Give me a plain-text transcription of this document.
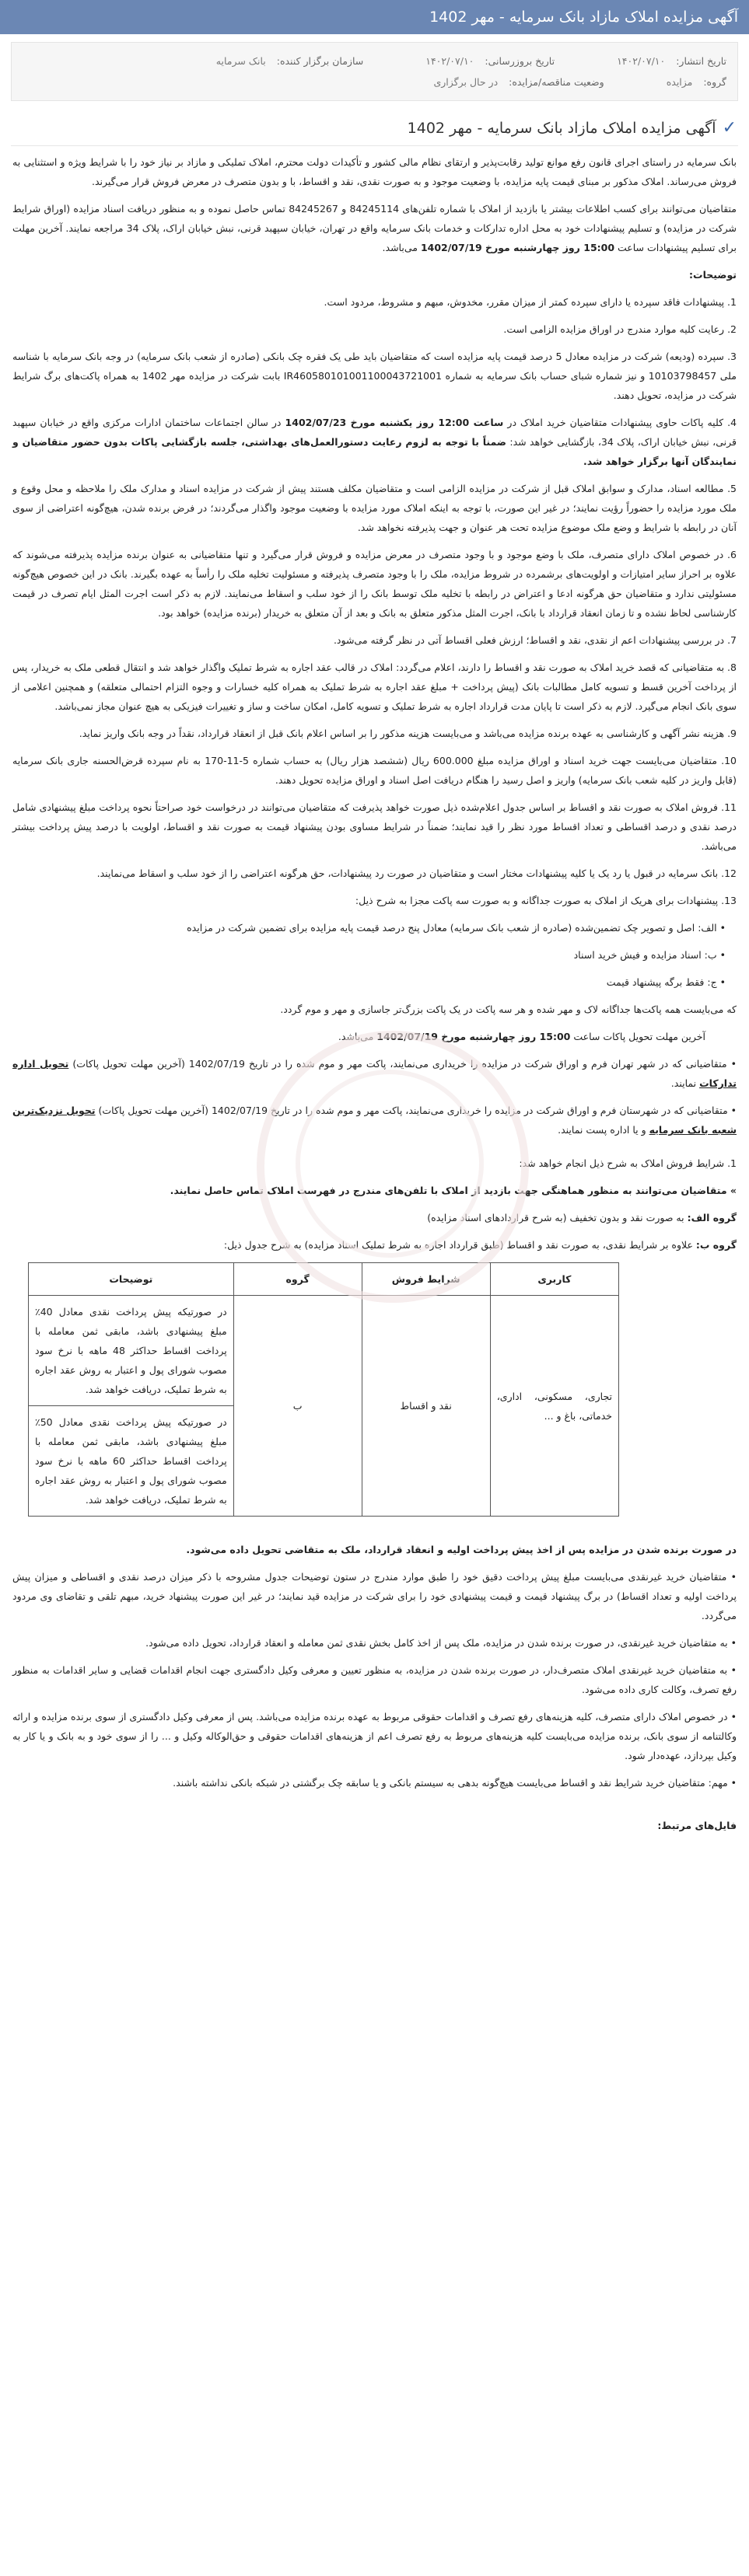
آگهی مزایده املاک مازاد بانک سرمایه - مهر 1402
تاریخ انتشار: ۱۴۰۲/۰۷/۱۰
تاریخ بروزرسانی: ۱۴۰۲/۰۷/۱۰
سازمان برگزار کننده: بانک سرمایه
گروه: مزایده
وضعیت مناقصه/مزایده: در حال برگزاری
✓
آگهی مزایده املاک مازاد بانک سرمایه - مهر 1402

بانک سرمایه در راستای اجرای قانون رفع موانع تولید رقابت‌پذیر و ارتقای نظام مالی کشور و تأکیدات دولت محترم، املاک تملیکی و مازاد بر نیاز خود را با شرایط ویژه و استثنایی به فروش می‌رساند. املاک مذکور بر مبنای قیمت پایه مزایده، با وضعیت موجود و به صورت نقدی، نقد و اقساط، با و بدون متصرف در معرض فروش قرار می‌گیرند.

متقاضیان می‌توانند برای کسب اطلاعات بیشتر یا بازدید از املاک با شماره تلفن‌های 84245114 و 84245267 تماس حاصل نموده و به منظور دریافت اسناد مزایده (اوراق شرایط شرکت در مزایده) و تسلیم پیشنهادات خود به محل اداره تدارکات و خدمات بانک سرمایه واقع در تهران، خیابان سپهبد قرنی، نبش خیابان اراک، پلاک 34 مراجعه نمایند. آخرین مهلت برای تسلیم پیشنهادات ساعت 15:00 روز چهارشنبه مورخ 1402/07/19 می‌باشد.

توضیحات:

1. پیشنهادات فاقد سپرده یا دارای سپرده کمتر از میزان مقرر، مخدوش، مبهم و مشروط، مردود است.

2. رعایت کلیه موارد مندرج در اوراق مزایده الزامی است.

3. سپرده (ودیعه) شرکت در مزایده معادل 5 درصد قیمت پایه مزایده است که متقاضیان باید طی یک فقره چک بانکی (صادره از شعب بانک سرمایه) در وجه بانک سرمایه با شناسه ملی 10103798457 و نیز شماره شبای حساب بانک سرمایه به شماره IR460580101001100043721001 بابت شرکت در مزایده مهر 1402 به همراه پاکت‌های برگ شرایط شرکت در مزایده، تحویل دهند.

4. کلیه پاکات حاوی پیشنهادات متقاضیان خرید املاک در ساعت 12:00 روز یکشنبه مورخ 1402/07/23 در سالن اجتماعات ساختمان ادارات مرکزی واقع در خیابان سپهبد قرنی، نبش خیابان اراک، پلاک 34، بازگشایی خواهد شد: ضمناً با توجه به لزوم رعایت دستورالعمل‌های بهداشتی، جلسه بازگشایی پاکات بدون حضور متقاضیان و نمایندگان آنها برگزار خواهد شد.

5. مطالعه اسناد، مدارک و سوابق املاک قبل از شرکت در مزایده الزامی است و متقاضیان مکلف هستند پیش از شرکت در مزایده اسناد و مدارک ملک را ملاحظه و محل وقوع و ملک مورد مزایده را حضوراً رؤیت نمایند؛ در غیر این صورت، با توجه به اینکه املاک مورد مزایده با وضعیت موجود واگذار می‌گردند؛ در فرض برنده شدن، هیچ‌گونه اعتراضی از سوی آنان در رابطه با شرایط و وضع ملک موضوع مزایده تحت هر عنوان و جهت پذیرفته نخواهد شد.

6. در خصوص املاک دارای متصرف، ملک با وضع موجود و با وجود متصرف در معرض مزایده و فروش قرار می‌گیرد و تنها متقاضیانی به عنوان برنده مزایده پذیرفته می‌شوند که علاوه بر احراز سایر امتیازات و اولویت‌های برشمرده در شروط مزایده، ملک را با وجود متصرف پذیرفته و مسئولیت تخلیه ملک را رأساً به عهده بگیرند. بانک در این خصوص هیچ‌گونه مسئولیتی ندارد و متقاضیان حق هرگونه ادعا و اعتراض در رابطه با تخلیه ملک توسط بانک را از خود سلب و اسقاط می‌نمایند. لازم به ذکر است اجرت المثل ایام تصرف در قیمت کارشناسی لحاظ نشده و تا زمان انعقاد قرارداد با بانک، اجرت المثل مذکور متعلق به بانک و بعد از آن متعلق به خریدار (برنده مزایده) خواهد بود.

7. در بررسی پیشنهادات اعم از نقدی، نقد و اقساط؛ ارزش فعلی اقساط آتی در نظر گرفته می‌شود.

8. به متقاضیانی که قصد خرید املاک به صورت نقد و اقساط را دارند، اعلام می‌گردد: املاک در قالب عقد اجاره به شرط تملیک واگذار خواهد شد و انتقال قطعی ملک به خریدار، پس از پرداخت آخرین قسط و تسویه کامل مطالبات بانک (پیش پرداخت + مبلغ عقد اجاره به شرط تملیک به همراه کلیه خسارات و وجوه التزام احتمالی متعلقه) و همچنین اعلامی از سوی بانک انجام می‌گیرد. لازم به ذکر است تا پایان مدت قرارداد اجاره به شرط تملیک و تسویه کامل، امکان ساخت و ساز و تغییرات فیزیکی به هیچ عنوان مجاز نمی‌باشد.

9. هزینه نشر آگهی و کارشناسی به عهده برنده مزایده می‌باشد و می‌بایست هزینه مذکور را بر اساس اعلام بانک قبل از انعقاد قرارداد، نقداً در وجه بانک واریز نماید.

10. متقاضیان می‌بایست جهت خرید اسناد و اوراق مزایده مبلغ 600.000 ریال (ششصد هزار ریال) به حساب شماره 5-11-170 به نام سپرده قرض‌الحسنه جاری بانک سرمایه (قابل واریز در کلیه شعب بانک سرمایه) واریز و اصل رسید را هنگام دریافت اصل اسناد و اوراق مزایده تحویل دهند.

11. فروش املاک به صورت نقد و اقساط بر اساس جدول اعلام‌شده ذیل صورت خواهد پذیرفت که متقاضیان می‌توانند در درخواست خود صراحتاً نحوه پرداخت مبلغ پیشنهادی شامل درصد نقدی و درصد اقساطی و تعداد اقساط مورد نظر را قید نمایند؛ ضمناً در شرایط مساوی بودن پیشنهاد قیمت به صورت نقد و اقساط، اولویت با درصد پیش پرداخت بیشتر می‌باشد.

12. بانک سرمایه در قبول یا رد یک یا کلیه پیشنهادات مختار است و متقاضیان در صورت رد پیشنهادات، حق هرگونه اعتراضی را از خود سلب و اسقاط می‌نمایند.

13. پیشنهادات برای هریک از املاک به صورت جداگانه و به صورت سه پاکت مجزا به شرح ذیل:

• الف: اصل و تصویر چک تضمین‌شده (صادره از شعب بانک سرمایه) معادل پنج درصد قیمت پایه مزایده برای تضمین شرکت در مزایده

• ب: اسناد مزایده و فیش خرید اسناد

• ج: فقط برگه پیشنهاد قیمت

که می‌بایست همه پاکت‌ها جداگانه لاک و مهر شده و هر سه پاکت در یک پاکت بزرگ‌تر جاسازی و مهر و موم گردد.

آخرین مهلت تحویل پاکات ساعت 15:00 روز چهارشنبه مورخ 1402/07/19 می‌باشد.

• متقاضیانی که در شهر تهران فرم و اوراق شرکت در مزایده را خریداری می‌نمایند، پاکت مهر و موم شده را در تاریخ 1402/07/19 (آخرین مهلت تحویل پاکات) تحویل اداره تدارکات نمایند.

• متقاضیانی که در شهرستان فرم و اوراق شرکت در مزایده را خریداری می‌نمایند، پاکت مهر و موم شده را در تاریخ 1402/07/19 (آخرین مهلت تحویل پاکات) تحویل نزدیک‌ترین شعبه بانک سرمایه و یا اداره پست نمایند.

1. شرایط فروش املاک به شرح ذیل انجام خواهد شد:

» متقاضیان می‌توانند به منظور هماهنگی جهت بازدید از املاک با تلفن‌های مندرج در فهرست املاک تماس حاصل نمایند.

گروه الف: به صورت نقد و بدون تخفیف (به شرح قراردادهای اسناد مزایده)

گروه ب: علاوه بر شرایط نقدی، به صورت نقد و اقساط (طبق قرارداد اجاره به شرط تملیک اسناد مزایده) به شرح جدول ذیل:

کاربری	شرایط فروش	گروه	توضیحات
تجاری، مسکونی، اداری، خدماتی، باغ و ...	نقد و اقساط	ب	در صورتیکه پیش پرداخت نقدی معادل 40٪ مبلغ پیشنهادی باشد، مابقی ثمن معامله با پرداخت اقساط حداکثر 48 ماهه با نرخ سود مصوب شورای پول و اعتبار به روش عقد اجاره به شرط تملیک، دریافت خواهد شد.
			در صورتیکه پیش پرداخت نقدی معادل 50٪ مبلغ پیشنهادی باشد، مابقی ثمن معامله با پرداخت اقساط حداکثر 60 ماهه با نرخ سود مصوب شورای پول و اعتبار به روش عقد اجاره به شرط تملیک، دریافت خواهد شد.

در صورت برنده شدن در مزایده پس از اخذ پیش پرداخت اولیه و انعقاد قرارداد، ملک به متقاضی تحویل داده می‌شود.

• متقاضیان خرید غیرنقدی می‌بایست مبلغ پیش پرداخت دقیق خود را طبق موارد مندرج در ستون توضیحات جدول مشروحه با ذکر میزان درصد نقدی و اقساطی و میزان پیش پرداخت اولیه و تعداد اقساط) در برگ پیشنهاد قیمت و قیمت پیشنهادی خود را برای شرکت در مزایده قید نمایند؛ در غیر این صورت پیشنهاد خرید، مبهم تلقی و تقاضای وی مردود می‌گردد.

• به متقاضیان خرید غیرنقدی، در صورت برنده شدن در مزایده، ملک پس از اخذ کامل بخش نقدی ثمن معامله و انعقاد قرارداد، تحویل داده می‌شود.

• به متقاضیان خرید غیرنقدی املاک متصرف‌دار، در صورت برنده شدن در مزایده، به منظور تعیین و معرفی وکیل دادگستری جهت انجام اقدامات قضایی و سایر اقدامات به منظور رفع تصرف، وکالت کاری داده می‌شود.

• در خصوص املاک دارای متصرف، کلیه هزینه‌های رفع تصرف و اقدامات حقوقی مربوط به عهده برنده مزایده می‌باشد. پس از معرفی وکیل دادگستری از سوی برنده مزایده و ارائه وکالتنامه از سوی بانک، برنده مزایده می‌بایست کلیه هزینه‌های مربوط به رفع تصرف اعم از هزینه‌های اقدامات حقوقی و حق‌الوکاله وکیل و ... را از سوی خود و به بانک و یا کار به وکیل بپردازد، عهده‌دار شود.

• مهم: متقاضیان خرید شرایط نقد و اقساط می‌بایست هیچ‌گونه بدهی به سیستم بانکی و یا سابقه چک برگشتی در شبکه بانکی نداشته باشند.

فایل‌های مرتبط:
